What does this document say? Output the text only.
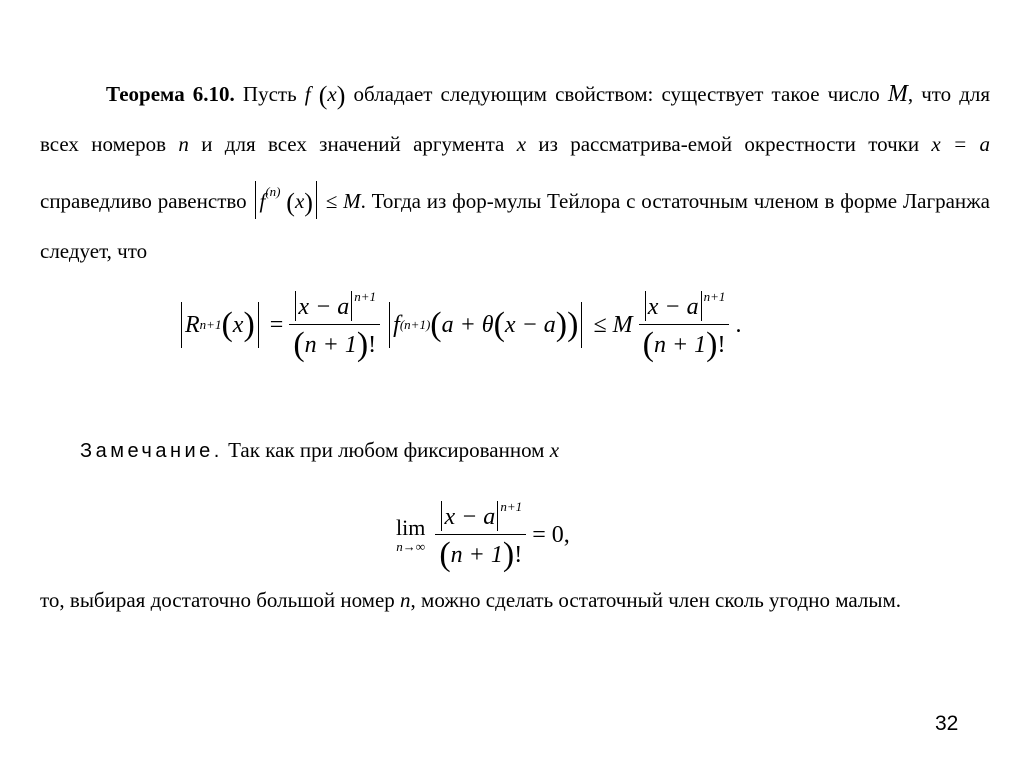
Теорема 6.10. Пусть f (x) обладает следующим свойством: существует такое число M, что для всех номеров n и для всех значений аргумента x из рассматрива-емой окрестности точки x = a справедливо равенство $f^{(n)}$ (x) ≤ M. Тогда из фор-мулы Тейлора с остаточным членом в форме Лагранжа следует, что
R n+1 ( x ) = $\frac{x - a ^{n+1}}{(n + 1)!}$ f (n+1) ( a + θ ( x − a ) ) ≤ M $\frac{x - a ^{n+1}}{(n + 1)!}$ .
Замечание. Так как при любом фиксированном x
lim
$n\to\infty \frac{x - a ^{n+1}}{(n + 1)!} = 0$,
то, выбирая достаточно большой номер n, можно сделать остаточный член сколь угодно малым.
32
